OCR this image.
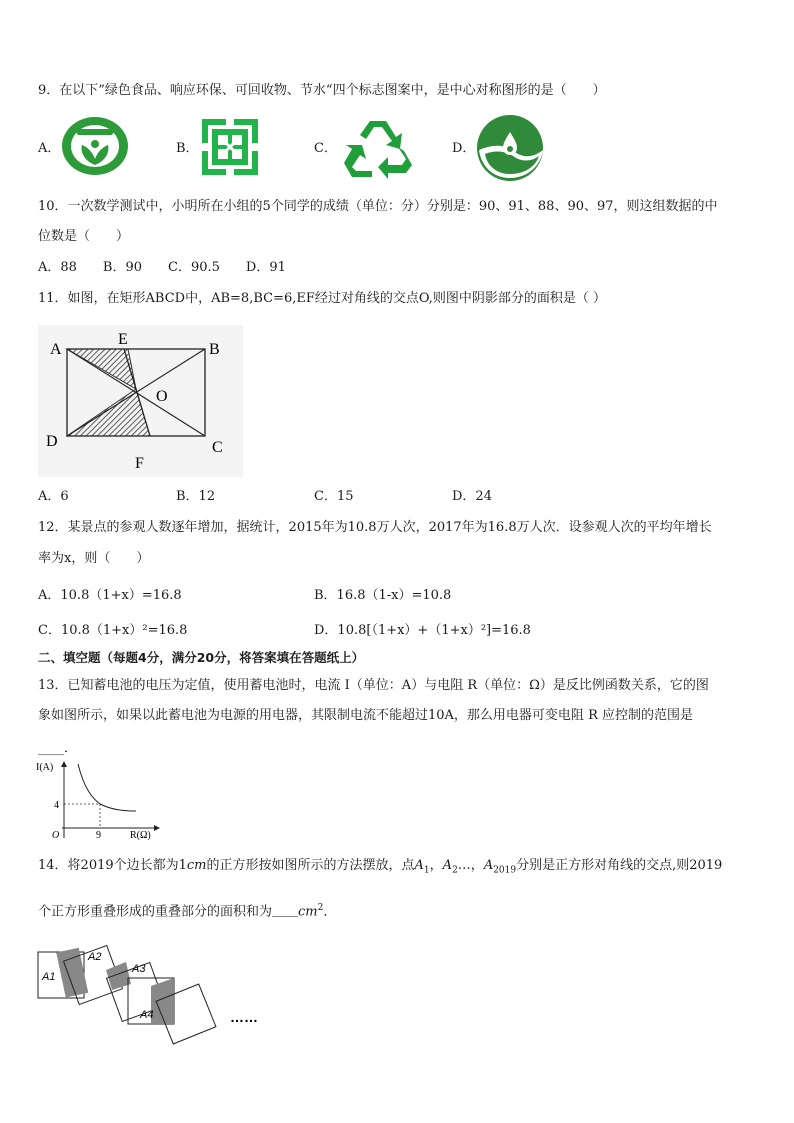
9．在以下”绿色食品、响应环保、可回收物、节水“四个标志图案中，是中心对称图形的是（　　）
A．	B．	C．	D．
10．一次数学测试中，小明所在小组的5个同学的成绩（单位：分）分别是：90、91、88、90、97，则这组数据的中
位数是（　　）
A．88　　B．90　　C．90.5　　D．91
11．如图，在矩形ABCD中，AB=8,BC=6,EF经过对角线的交点O,则图中阴影部分的面积是（ ）
A
E
B
O
D	C
F
A．6	B．12	C．15	D．24
12．某景点的参观人数逐年增加，据统计，2015年为10.8万人次，2017年为16.8万人次．设参观人次的平均年增长
率为x，则（　　）
A．10.8（1+x）=16.8	B．16.8（1-x）=10.8
C．10.8（1+x）²=16.8	D．10.8[（1+x）+（1+x）²]=16.8
二、填空题（每题4分，满分20分，将答案填在答题纸上）
13．已知蓄电池的电压为定值，使用蓄电池时，电流 I（单位：A）与电阻 R（单位：Ω）是反比例函数关系，它的图
象如图所示，如果以此蓄电池为电源的用电器，其限制电流不能超过10A，那么用电器可变电阻 R 应控制的范围是
____．
I(A)
4
O	9	R(Ω)
14．将2019个边长都为1cm的正方形按如图所示的方法摆放，点$A_1$，$A_2\dots$，$A_{2019}$分别是正方形对角线的交点,则2019
个正方形重叠形成的重叠部分的面积和为$\_\_cm^2$．
A1
A2
A3
A4	……
